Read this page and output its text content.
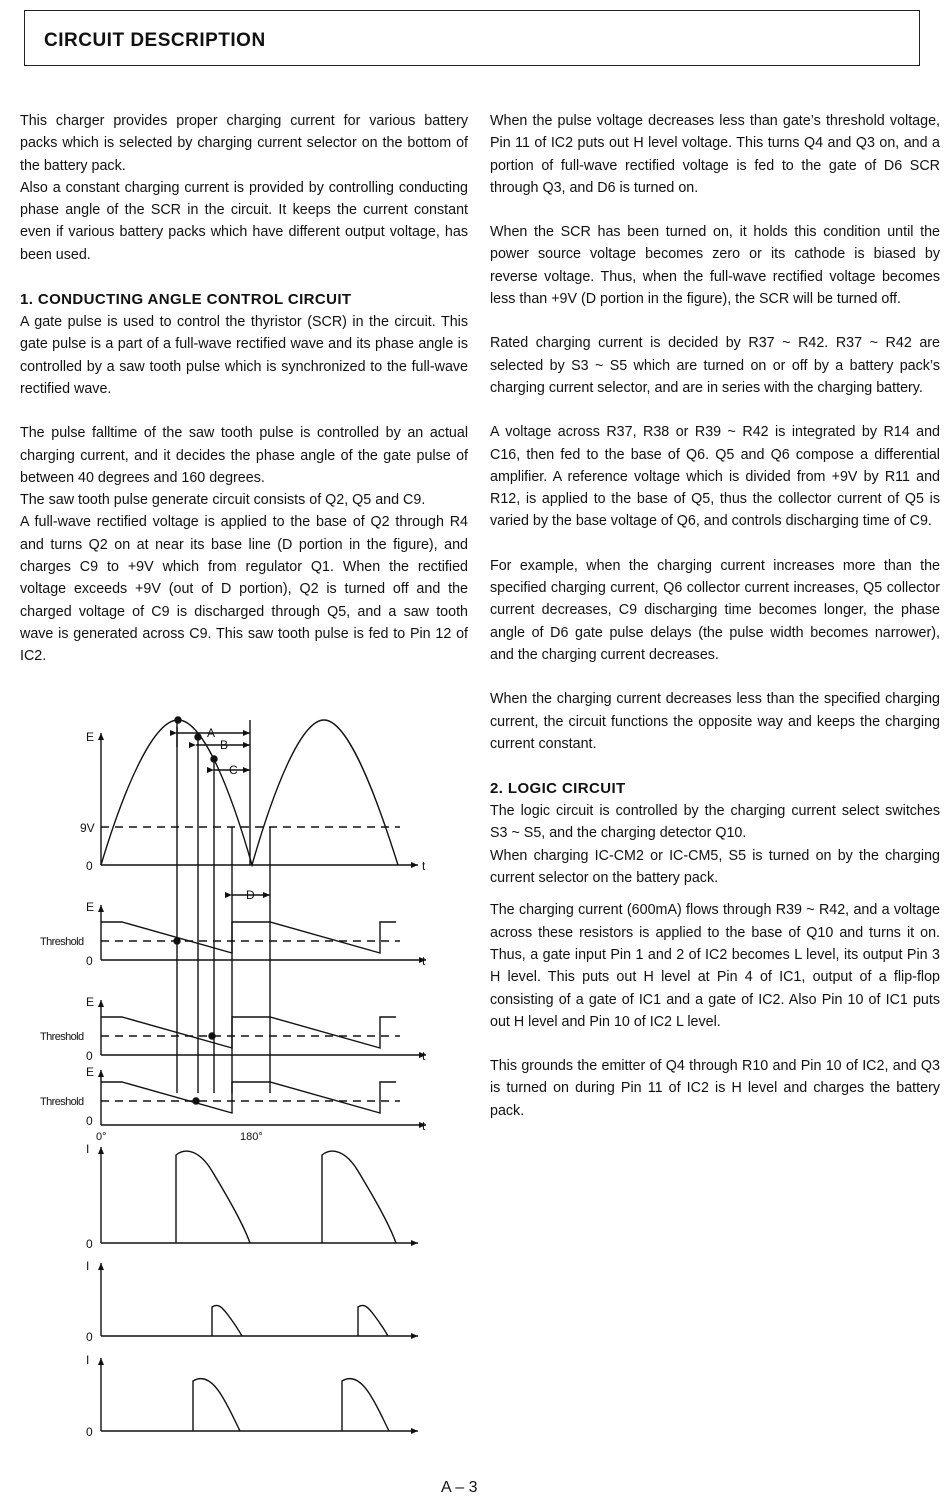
CIRCUIT DESCRIPTION

This charger provides proper charging current for various battery packs which is selected by charging current selector on the bottom of the battery pack.

Also a constant charging current is provided by controlling conducting phase angle of the SCR in the circuit. It keeps the current constant even if various battery packs which have different output voltage, has been used.

1. CONDUCTING ANGLE CONTROL CIRCUIT

A gate pulse is used to control the thyristor (SCR) in the circuit. This gate pulse is a part of a full-wave rectified wave and its phase angle is controlled by a saw tooth pulse which is synchronized to the full-wave rectified wave.

The pulse falltime of the saw tooth pulse is controlled by an actual charging current, and it decides the phase angle of the gate pulse of between 40 degrees and 160 degrees.

The saw tooth pulse generate circuit consists of Q2, Q5 and C9.

A full-wave rectified voltage is applied to the base of Q2 through R4 and turns Q2 on at near its base line (D portion in the figure), and charges C9 to +9V which from regulator Q1. When the rectified voltage exceeds +9V (out of D portion), Q2 is turned off and the charged voltage of C9 is discharged through Q5, and a saw tooth wave is generated across C9. This saw tooth pulse is fed to Pin 12 of IC2.

When the pulse voltage decreases less than gate’s threshold voltage, Pin 11 of IC2 puts out H level voltage. This turns Q4 and Q3 on, and a portion of full-wave rectified voltage is fed to the gate of D6 SCR through Q3, and D6 is turned on.

When the SCR has been turned on, it holds this condition until the power source voltage becomes zero or its cathode is biased by reverse voltage. Thus, when the full-wave rectified voltage becomes less than +9V (D portion in the figure), the SCR will be turned off.

Rated charging current is decided by R37 ~ R42. R37 ~ R42 are selected by S3 ~ S5 which are turned on or off by a battery pack’s charging current selector, and are in series with the charging battery.

A voltage across R37, R38 or R39 ~ R42 is integrated by R14 and C16, then fed to the base of Q6. Q5 and Q6 compose a differential amplifier. A reference voltage which is divided from +9V by R11 and R12, is applied to the base of Q5, thus the collector current of Q5 is varied by the base voltage of Q6, and controls discharging time of C9.

For example, when the charging current increases more than the specified charging current, Q6 collector current increases, Q5 collector current decreases, C9 discharging time becomes longer, the phase angle of D6 gate pulse delays (the pulse width becomes narrower), and the charging current decreases.

When the charging current decreases less than the specified charging current, the circuit functions the opposite way and keeps the charging current constant.

2. LOGIC CIRCUIT

The logic circuit is controlled by the charging current select switches S3 ~ S5, and the charging detector Q10.

When charging IC-CM2 or IC-CM5, S5 is turned on by the charging current selector on the battery pack.

The charging current (600mA) flows through R39 ~ R42, and a voltage across these resistors is applied to the base of Q10 and turns it on. Thus, a gate input Pin 1 and 2 of IC2 becomes L level, its output Pin 3 H level. This puts out H level at Pin 4 of IC1, output of a flip-flop consisting of a gate of IC1 and a gate of IC2. Also Pin 10 of IC1 puts out H level and Pin 10 of IC2 L level.

This grounds the emitter of Q4 through R10 and Pin 10 of IC2, and Q3 is turned on during Pin 11 of IC2 is H level and charges the battery pack.

E
9V
0	t
A
B
C
D
E
Threshold
0	t
E
Threshold
0	t
E
Threshold
0	t
0°	180°
I
0
I
0
I
0
A – 3
